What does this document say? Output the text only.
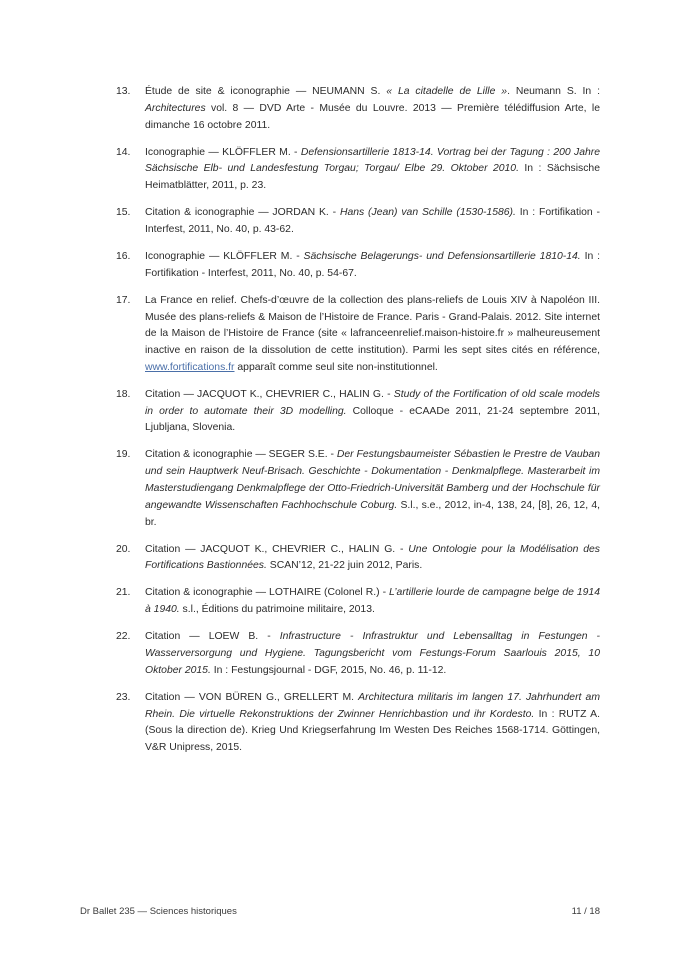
13.	Étude de site & iconographie — NEUMANN S. « La citadelle de Lille ». Neumann S. In : Architectures vol. 8 — DVD Arte - Musée du Louvre. 2013 — Première télédiffusion Arte, le dimanche 16 octobre 2011.
14.	Iconographie — KLÖFFLER M. - Defensionsartillerie 1813-14. Vortrag bei der Tagung : 200 Jahre Sächsische Elb- und Landesfestung Torgau; Torgau/ Elbe 29. Oktober 2010. In : Sächsische Heimatblätter, 2011, p. 23.
15.	Citation & iconographie — JORDAN K. - Hans (Jean) van Schille (1530-1586). In : Fortifikation - Interfest, 2011, No. 40, p. 43-62.
16.	Iconographie — KLÖFFLER M. - Sächsische Belagerungs- und Defensionsartillerie 1810-14. In : Fortifikation - Interfest, 2011, No. 40, p. 54-67.
17.	La France en relief. Chefs-d’œuvre de la collection des plans-reliefs de Louis XIV à Napoléon III. Musée des plans-reliefs & Maison de l’Histoire de France. Paris - Grand-Palais. 2012. Site internet de la Maison de l’Histoire de France (site « lafranceenrelief.maison-histoire.fr » malheureusement inactive en raison de la dissolution de cette institution). Parmi les sept sites cités en référence, www.fortifications.fr apparaît comme seul site non-institutionnel.
18.	Citation — JACQUOT K., CHEVRIER C., HALIN G. - Study of the Fortification of old scale models in order to automate their 3D modelling. Colloque - eCAADe 2011, 21-24 septembre 2011, Ljubljana, Slovenia.
19.	Citation & iconographie — SEGER S.E. - Der Festungsbaumeister Sébastien le Prestre de Vauban und sein Hauptwerk Neuf-Brisach. Geschichte - Dokumentation - Denkmalpflege. Masterarbeit im Masterstudiengang Denkmalpflege der Otto-Friedrich-Universität Bamberg und der Hochschule für angewandte Wissenschaften Fachhochschule Coburg. S.l., s.e., 2012, in-4, 138, 24, [8], 26, 12, 4, br.
20.	Citation — JACQUOT K., CHEVRIER C., HALIN G. - Une Ontologie pour la Modélisation des Fortifications Bastionnées. SCAN’12, 21-22 juin 2012, Paris.
21.	Citation & iconographie — LOTHAIRE (Colonel R.) - L’artillerie lourde de campagne belge de 1914 à 1940. s.l., Éditions du patrimoine militaire, 2013.
22.	Citation — LOEW B. - Infrastructure - Infrastruktur und Lebensalltag in Festungen - Wasserversorgung und Hygiene. Tagungsbericht vom Festungs-Forum Saarlouis 2015, 10 Oktober 2015. In : Festungsjournal - DGF, 2015, No. 46, p. 11-12.
23.	Citation — VON BÜREN G., GRELLERT M. Architectura militaris im langen 17. Jahrhundert am Rhein. Die virtuelle Rekonstruktions der Zwinner Henrichbastion und ihr Kordesto. In : RUTZ A. (Sous la direction de). Krieg Und Kriegserfahrung Im Westen Des Reiches 1568-1714. Göttingen, V&R Unipress, 2015.
Dr Ballet 235 — Sciences historiques	11 / 18
